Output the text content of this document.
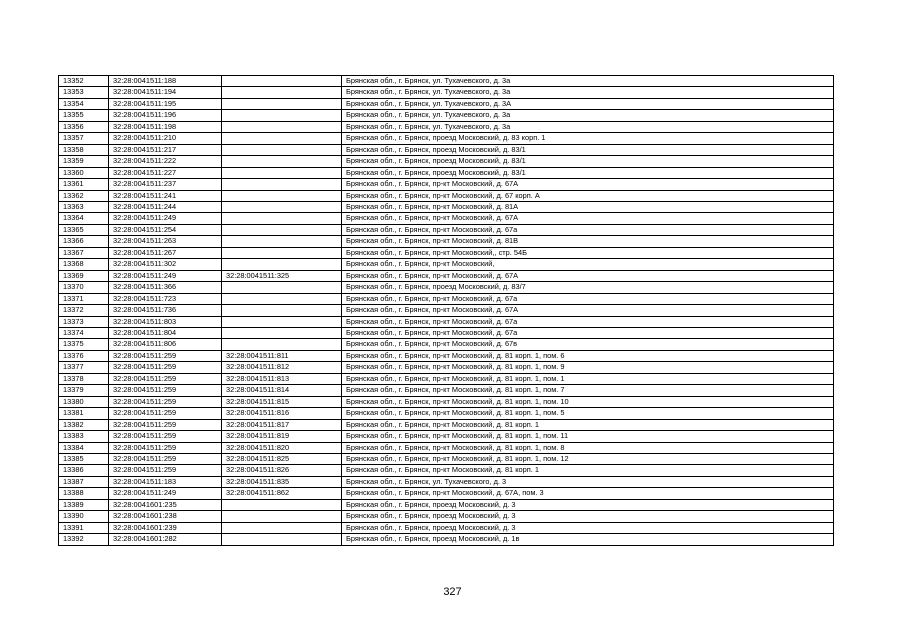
13352	32:28:0041511:188		Брянская обл., г. Брянск, ул. Тухачевского, д. 3а
13353	32:28:0041511:194		Брянская обл., г. Брянск, ул. Тухачевского, д. 3а
13354	32:28:0041511:195		Брянская обл., г. Брянск, ул. Тухачевского, д. 3А
13355	32:28:0041511:196		Брянская обл., г. Брянск, ул. Тухачевского, д. 3а
13356	32:28:0041511:198		Брянская обл., г. Брянск, ул. Тухачевского, д. 3а
13357	32:28:0041511:210		Брянская обл., г. Брянск, проезд Московский, д. 83 корп. 1
13358	32:28:0041511:217		Брянская обл., г. Брянск, проезд Московский, д. 83/1
13359	32:28:0041511:222		Брянская обл., г. Брянск, проезд Московский, д. 83/1
13360	32:28:0041511:227		Брянская обл., г. Брянск, проезд Московский, д. 83/1
13361	32:28:0041511:237		Брянская обл., г. Брянск, пр-кт Московский, д. 67А
13362	32:28:0041511:241		Брянская обл., г. Брянск, пр-кт Московский, д. 67 корп. А
13363	32:28:0041511:244		Брянская обл., г. Брянск, пр-кт Московский, д. 81А
13364	32:28:0041511:249		Брянская обл., г. Брянск, пр-кт Московский, д. 67А
13365	32:28:0041511:254		Брянская обл., г. Брянск, пр-кт Московский, д. 67а
13366	32:28:0041511:263		Брянская обл., г. Брянск, пр-кт Московский, д. 81В
13367	32:28:0041511:267		Брянская обл., г. Брянск, пр-кт Московский,, стр. 54Б
13368	32:28:0041511:302		Брянская обл., г. Брянск, пр-кт Московский,
13369	32:28:0041511:249	32:28:0041511:325	Брянская обл., г. Брянск, пр-кт Московский, д. 67А
13370	32:28:0041511:366		Брянская обл., г. Брянск, проезд Московский, д. 83/7
13371	32:28:0041511:723		Брянская обл., г. Брянск, пр-кт Московский, д. 67а
13372	32:28:0041511:736		Брянская обл., г. Брянск, пр-кт Московский, д. 67А
13373	32:28:0041511:803		Брянская обл., г. Брянск, пр-кт Московский, д. 67а
13374	32:28:0041511:804		Брянская обл., г. Брянск, пр-кт Московский, д. 67а
13375	32:28:0041511:806		Брянская обл., г. Брянск, пр-кт Московский, д. 67в
13376	32:28:0041511:259	32:28:0041511:811	Брянская обл., г. Брянск, пр-кт Московский, д. 81 корп. 1, пом. 6
13377	32:28:0041511:259	32:28:0041511:812	Брянская обл., г. Брянск, пр-кт Московский, д. 81 корп. 1, пом. 9
13378	32:28:0041511:259	32:28:0041511:813	Брянская обл., г. Брянск, пр-кт Московский, д. 81 корп. 1, пом. 1
13379	32:28:0041511:259	32:28:0041511:814	Брянская обл., г. Брянск, пр-кт Московский, д. 81 корп. 1, пом. 7
13380	32:28:0041511:259	32:28:0041511:815	Брянская обл., г. Брянск, пр-кт Московский, д. 81 корп. 1, пом. 10
13381	32:28:0041511:259	32:28:0041511:816	Брянская обл., г. Брянск, пр-кт Московский, д. 81 корп. 1, пом. 5
13382	32:28:0041511:259	32:28:0041511:817	Брянская обл., г. Брянск, пр-кт Московский, д. 81 корп. 1
13383	32:28:0041511:259	32:28:0041511:819	Брянская обл., г. Брянск, пр-кт Московский, д. 81 корп. 1, пом. 11
13384	32:28:0041511:259	32:28:0041511:820	Брянская обл., г. Брянск, пр-кт Московский, д. 81 корп. 1, пом. 8
13385	32:28:0041511:259	32:28:0041511:825	Брянская обл., г. Брянск, пр-кт Московский, д. 81 корп. 1, пом. 12
13386	32:28:0041511:259	32:28:0041511:826	Брянская обл., г. Брянск, пр-кт Московский, д. 81 корп. 1
13387	32:28:0041511:183	32:28:0041511:835	Брянская обл., г. Брянск, ул. Тухачевского, д. 3
13388	32:28:0041511:249	32:28:0041511:862	Брянская обл., г. Брянск, пр-кт Московский, д. 67А, пом. 3
13389	32:28:0041601:235		Брянская обл., г. Брянск, проезд Московский, д. 3
13390	32:28:0041601:238		Брянская обл., г. Брянск, проезд Московский, д. 3
13391	32:28:0041601:239		Брянская обл., г. Брянск, проезд Московский, д. 3
13392	32:28:0041601:282		Брянская обл., г. Брянск, проезд Московский, д. 1в
327
